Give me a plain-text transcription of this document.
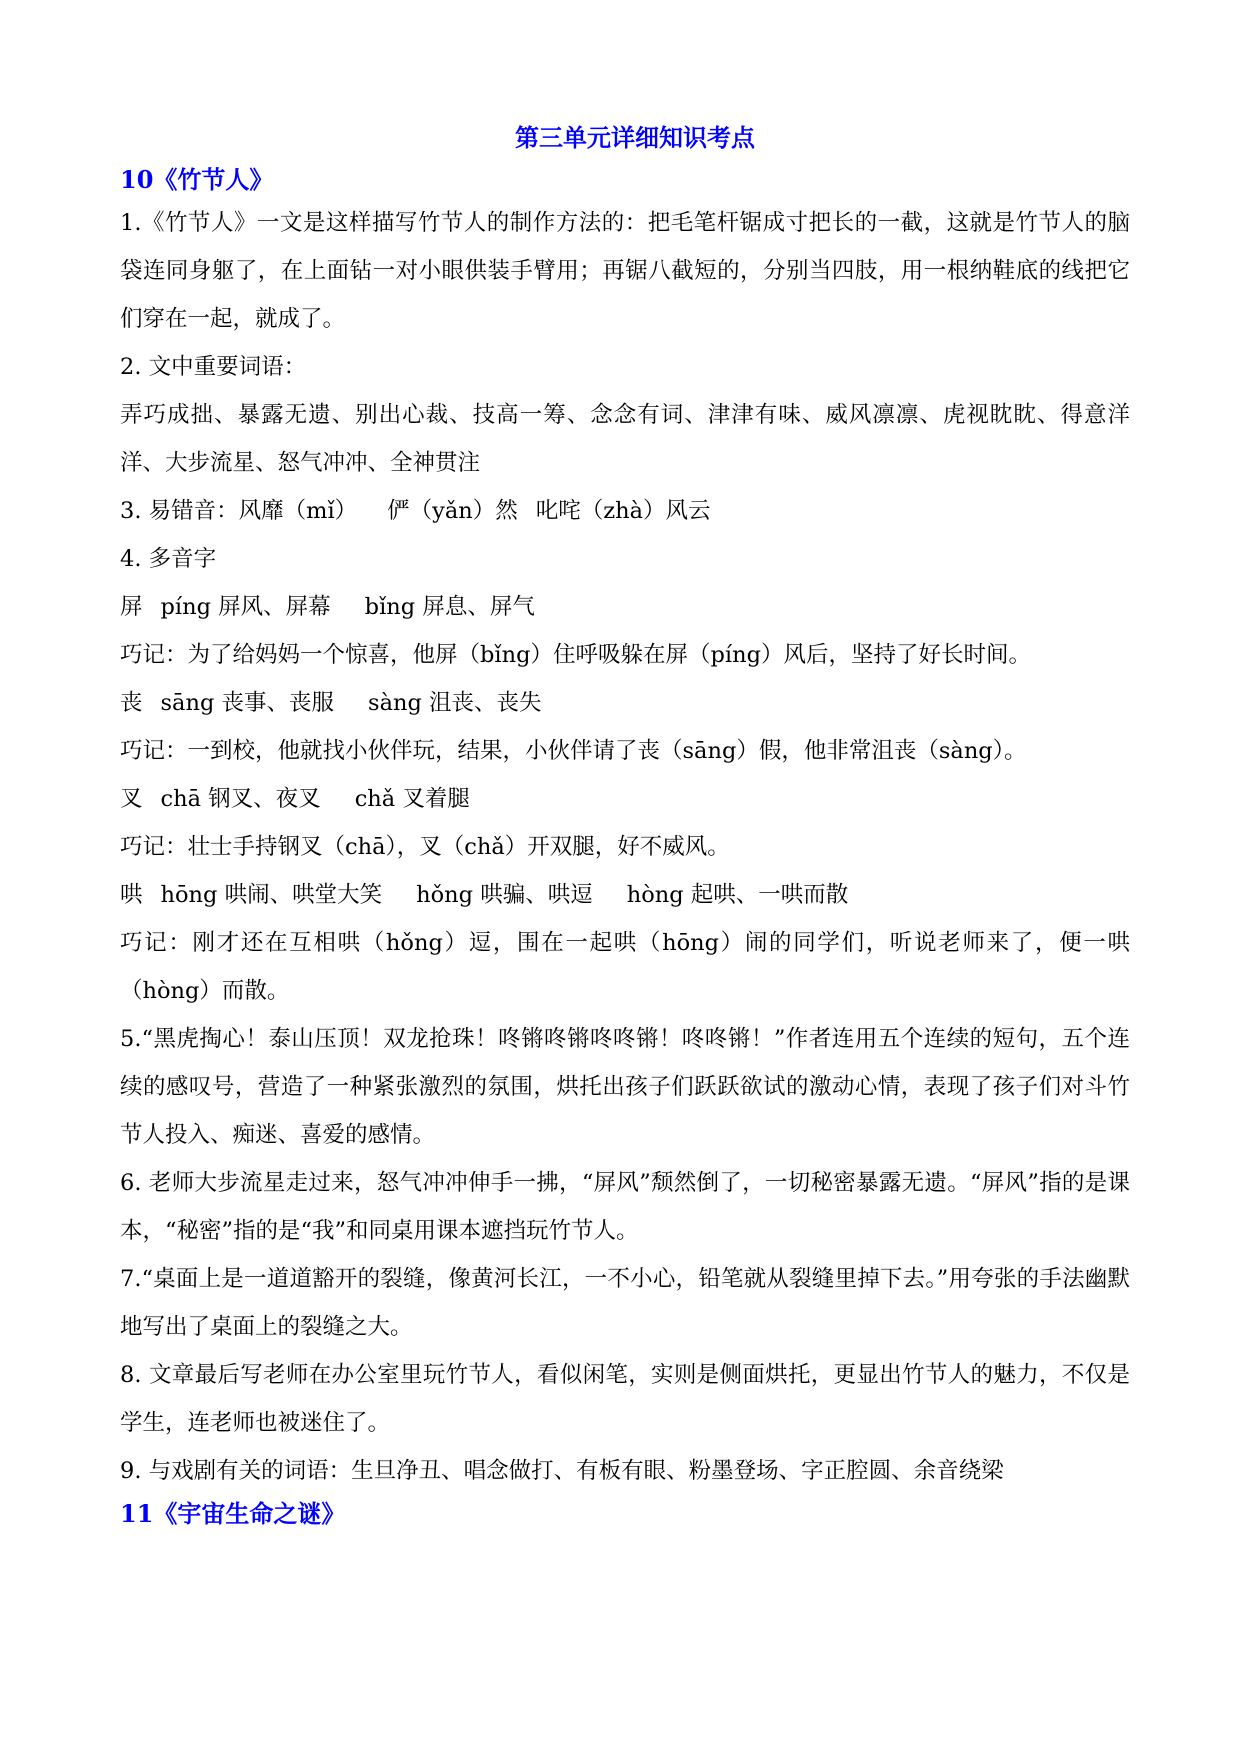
第三单元详细知识考点

10《竹节人》

1.《竹节人》一文是这样描写竹节人的制作方法的：把毛笔杆锯成寸把长的一截，这就是竹节人的脑袋连同身躯了，在上面钻一对小眼供装手臂用；再锯八截短的，分别当四肢，用一根纳鞋底的线把它们穿在一起，就成了。

2. 文中重要词语：

弄巧成拙、暴露无遗、别出心裁、技高一筹、念念有词、津津有味、威风凛凛、虎视眈眈、得意洋洋、大步流星、怒气冲冲、全神贯注

3. 易错音：风靡（mǐ） 俨（yǎn）然 叱咤（zhà）风云

4. 多音字

屏 píng 屏风、屏幕 bǐng 屏息、屏气

巧记：为了给妈妈一个惊喜，他屏（bǐng）住呼吸躲在屏（píng）风后，坚持了好长时间。

丧 sāng 丧事、丧服 sàng 沮丧、丧失

巧记：一到校，他就找小伙伴玩，结果，小伙伴请了丧（sāng）假，他非常沮丧（sàng）。

叉 chā 钢叉、夜叉 chǎ 叉着腿

巧记：壮士手持钢叉（chā），叉（chǎ）开双腿，好不威风。

哄 hōng 哄闹、哄堂大笑 hǒng 哄骗、哄逗 hòng 起哄、一哄而散

巧记：刚才还在互相哄（hǒng）逗，围在一起哄（hōng）闹的同学们，听说老师来了，便一哄（hòng）而散。

5.“黑虎掏心！泰山压顶！双龙抢珠！咚锵咚锵咚咚锵！咚咚锵！”作者连用五个连续的短句，五个连续的感叹号，营造了一种紧张激烈的氛围，烘托出孩子们跃跃欲试的激动心情，表现了孩子们对斗竹节人投入、痴迷、喜爱的感情。

6. 老师大步流星走过来，怒气冲冲伸手一拂，“屏风”颓然倒了，一切秘密暴露无遗。“屏风”指的是课本，“秘密”指的是“我”和同桌用课本遮挡玩竹节人。

7.“桌面上是一道道豁开的裂缝，像黄河长江，一不小心，铅笔就从裂缝里掉下去。”用夸张的手法幽默地写出了桌面上的裂缝之大。

8. 文章最后写老师在办公室里玩竹节人，看似闲笔，实则是侧面烘托，更显出竹节人的魅力，不仅是学生，连老师也被迷住了。

9. 与戏剧有关的词语：生旦净丑、唱念做打、有板有眼、粉墨登场、字正腔圆、余音绕梁

11《宇宙生命之谜》
